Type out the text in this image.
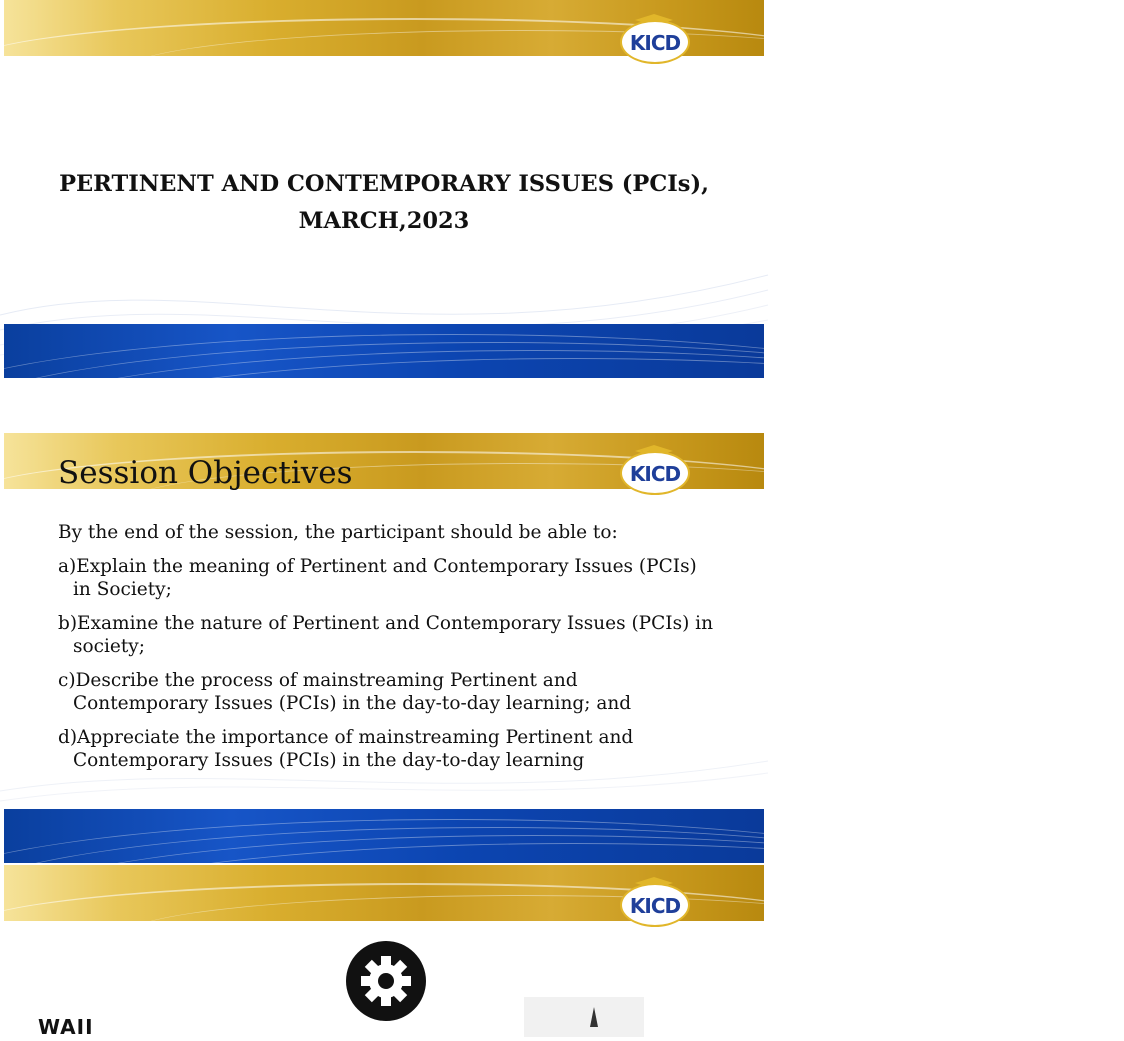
KICD
PERTINENT AND CONTEMPORARY ISSUES (PCIs),
MARCH,2023
KICD
Session Objectives
By the end of the session, the participant should be able to:
a)Explain the meaning of Pertinent and Contemporary Issues (PCIs) in Society;
b)Examine the nature of Pertinent and Contemporary Issues (PCIs) in society;
c)Describe the process of mainstreaming Pertinent and Contemporary Issues (PCIs) in the day-to-day learning; and
d)Appreciate the importance of mainstreaming Pertinent and Contemporary Issues (PCIs) in the day-to-day learning
KICD
WAII
